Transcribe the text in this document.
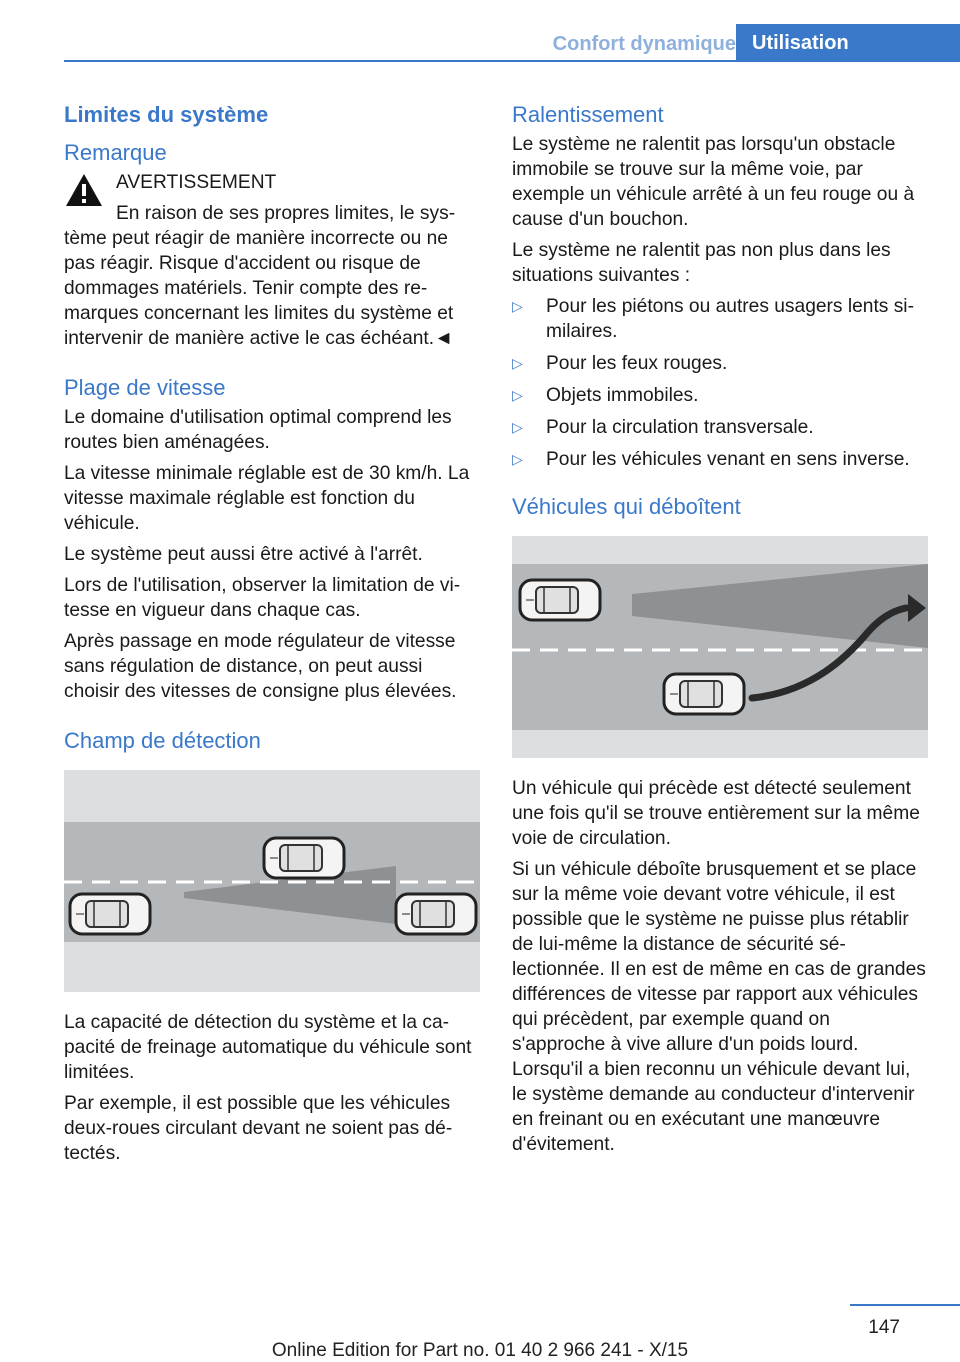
Confort dynamique Utilisation
Limites du système
Remarque
AVERTISSEMENT
En raison de ses propres limites, le système peut réagir de manière incorrecte ou ne pas réagir. Risque d'accident ou risque de dommages matériels. Tenir compte des remarques concernant les limites du système et intervenir de manière active le cas échéant.◄
Plage de vitesse

Le domaine d'utilisation optimal comprend les routes bien aménagées.

La vitesse minimale réglable est de 30 km/h. La vitesse maximale réglable est fonction du véhicule.

Le système peut aussi être activé à l'arrêt.

Lors de l'utilisation, observer la limitation de vitesse en vigueur dans chaque cas.

Après passage en mode régulateur de vitesse sans régulation de distance, on peut aussi choisir des vitesses de consigne plus élevées.

Champ de détection

La capacité de détection du système et la capacité de freinage automatique du véhicule sont limitées.

Par exemple, il est possible que les véhicules deux-roues circulant devant ne soient pas détectés.

Ralentissement

Le système ne ralentit pas lorsqu'un obstacle immobile se trouve sur la même voie, par exemple un véhicule arrêté à un feu rouge ou à cause d'un bouchon.

Le système ne ralentit pas non plus dans les situations suivantes :

▷ Pour les piétons ou autres usagers lents similaires.
▷ Pour les feux rouges.
▷ Objets immobiles.
▷ Pour la circulation transversale.
▷ Pour les véhicules venant en sens inverse.
Véhicules qui déboîtent

Un véhicule qui précède est détecté seulement une fois qu'il se trouve entièrement sur la même voie de circulation.

Si un véhicule déboîte brusquement et se place sur la même voie devant votre véhicule, il est possible que le système ne puisse plus rétablir de lui-même la distance de sécurité sélectionnée. Il en est de même en cas de grandes différences de vitesse par rapport aux véhicules qui précèdent, par exemple quand on s'approche à vive allure d'un poids lourd. Lorsqu'il a bien reconnu un véhicule devant lui, le système demande au conducteur d'intervenir en freinant ou en exécutant une manœuvre d'évitement.

147
Online Edition for Part no. 01 40 2 966 241 - X/15
